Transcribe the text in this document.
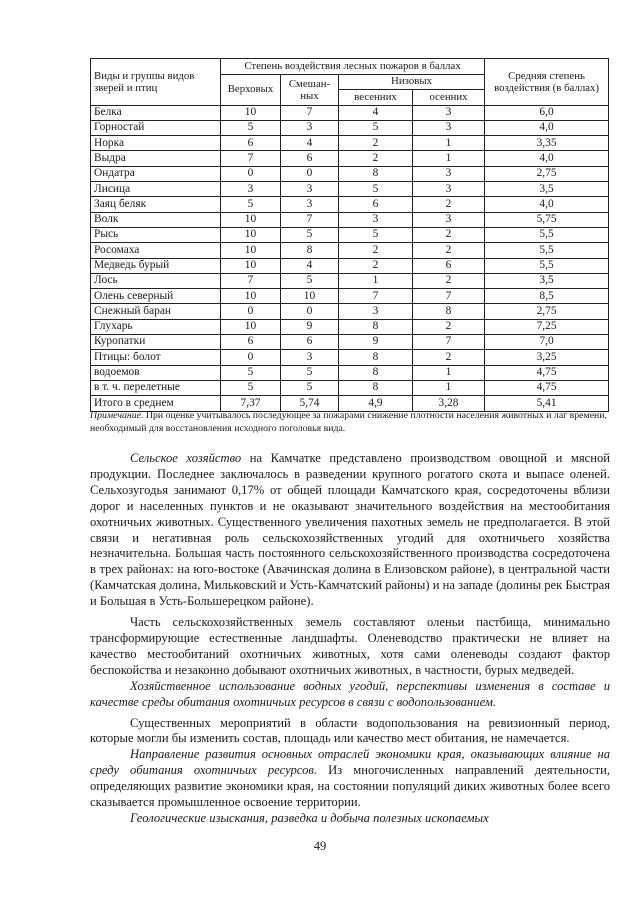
Виды и группы видов зверей и птиц	Степень воздействия лесных пожаров в баллах				Средняя степень воздействия (в баллах)
	Верховых	Смешан-ных	Низовых		
			весенних	осенних	
Белка	10	7	4	3	6,0
Горностай	5	3	5	3	4,0
Норка	6	4	2	1	3,35
Выдра	7	6	2	1	4,0
Ондатра	0	0	8	3	2,75
Лисица	3	3	5	3	3,5
Заяц беляк	5	3	6	2	4,0
Волк	10	7	3	3	5,75
Рысь	10	5	5	2	5,5
Росомаха	10	8	2	2	5,5
Медведь бурый	10	4	2	6	5,5
Лось	7	5	1	2	3,5
Олень северный	10	10	7	7	8,5
Снежный баран	0	0	3	8	2,75
Глухарь	10	9	8	2	7,25
Куропатки	6	6	9	7	7,0
Птицы: болот	0	3	8	2	3,25
водоемов	5	5	8	1	4,75
в т. ч. перелетные	5	5	8	1	4,75
Итого в среднем	7,37	5,74	4,9	3,28	5,41
Примечание. При оценке учитывалось последующее за пожарами снижение плотности населения животных и лаг времени, необходимый для восстановления исходного поголовья вида.

Сельское хозяйство на Камчатке представлено производством овощной и мясной продукции. Последнее заключалось в разведении крупного рогатого скота и выпасе оленей. Сельхозугодья занимают 0,17% от общей площади Камчатского края, сосредоточены вблизи дорог и населенных пунктов и не оказывают значительного воздействия на местообитания охотничьих животных. Существенного увеличения пахотных земель не предполагается. В этой связи и негативная роль сельскохозяйственных угодий для охотничьего хозяйства незначительна. Большая часть постоянного сельскохозяйственного производства сосредоточена в трех районах: на юго-востоке (Авачинская долина в Елизовском районе), в центральной части (Камчатская долина, Мильковский и Усть-Камчатский районы) и на западе (долины рек Быстрая и Большая в Усть-Большерецком районе).

Часть сельскохозяйственных земель составляют оленьи пастбища, минимально трансформирующие естественные ландшафты. Оленеводство практически не влияет на качество местообитаний охотничьих животных, хотя сами оленеводы создают фактор беспокойства и незаконно добывают охотничьих животных, в частности, бурых медведей.

Хозяйственное использование водных угодий, перспективы изменения в составе и качестве среды обитания охотничьих ресурсов в связи с водопользованием.

Существенных мероприятий в области водопользования на ревизионный период, которые могли бы изменить состав, площадь или качество мест обитания, не намечается.

Направление развития основных отраслей экономики края, оказывающих влияние на среду обитания охотничьих ресурсов. Из многочисленных направлений деятельности, определяющих развитие экономики края, на состоянии популяций диких животных более всего сказывается промышленное освоение территории.

Геологические изыскания, разведка и добыча полезных ископаемых

49
